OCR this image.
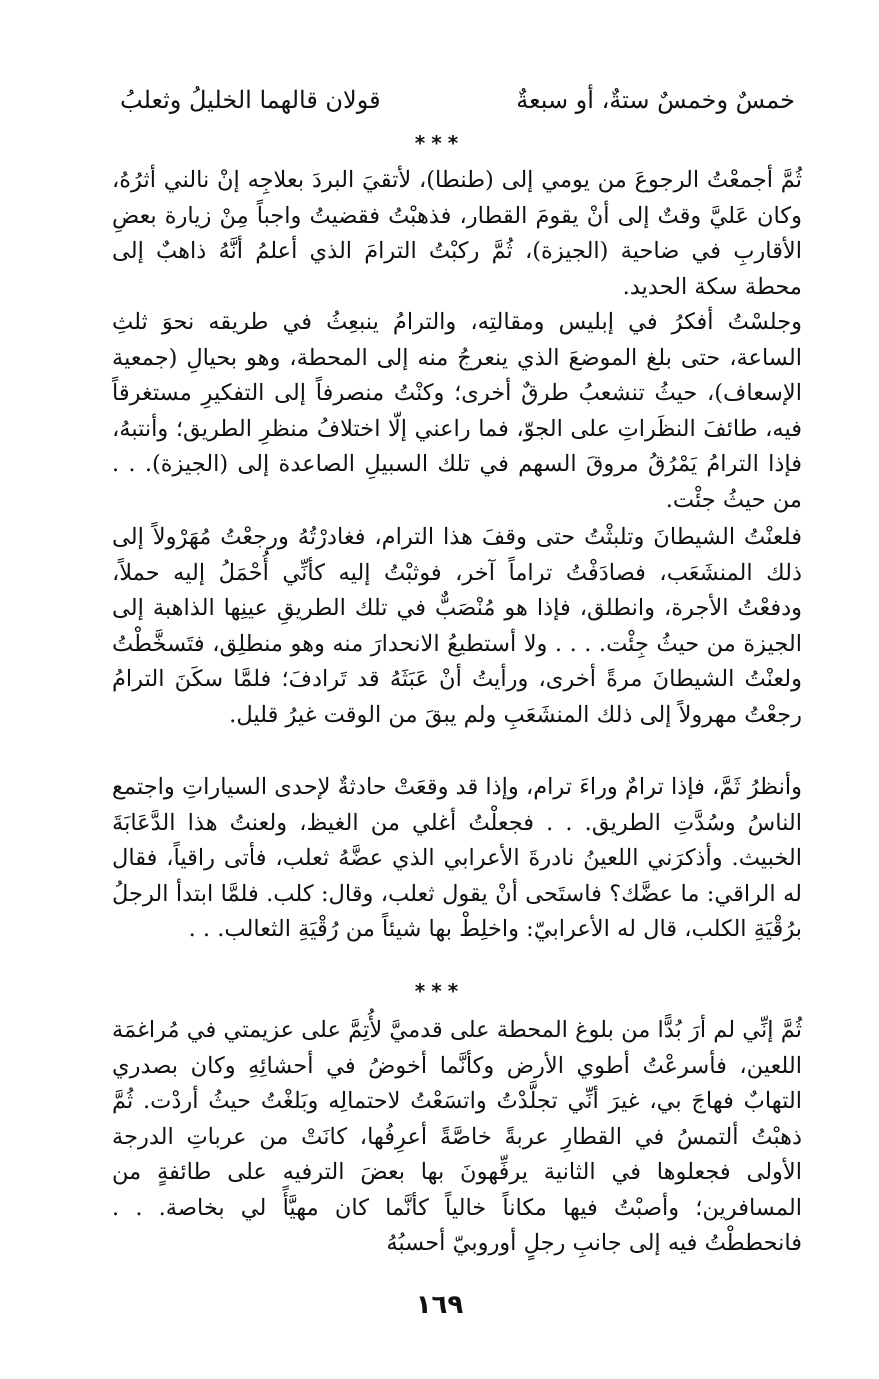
خمسٌ وخمسٌ ستةٌ، أو سبعةٌ
قولان قالهما الخليلُ وثعلبُ
***

ثُمَّ أجمعْتُ الرجوعَ من يومي إلى (طنطا)، لأتقيَ البردَ بعلاجِه إنْ نالني أثرُهُ، وكان عَليَّ وقتٌ إلى أنْ يقومَ القطار، فذهبْتُ فقضيتُ واجباً مِنْ زيارة بعضِ الأقاربِ في ضاحية (الجيزة)، ثُمَّ ركبْتُ الترامَ الذي أعلمُ أنَّهُ ذاهبٌ إلى محطة سكة الحديد.

وجلسْتُ أفكرُ في إبليس ومقالتِه، والترامُ ينبعِثُ في طريقه نحوَ ثلثِ الساعة، حتى بلغ الموضعَ الذي ينعرجُ منه إلى المحطة، وهو بحيالِ (جمعية الإسعاف)، حيثُ تنشعبُ طرقٌ أخرى؛ وكنْتُ منصرفاً إلى التفكيرِ مستغرقاً فيه، طائفَ النظَراتِ على الجوّ، فما راعني إلّا اختلافُ منظرِ الطريق؛ وأنتبهُ، فإذا الترامُ يَمْرُقُ مروقَ السهم في تلك السبيلِ الصاعدة إلى (الجيزة). . . من حيثُ جئْت.

فلعنْتُ الشيطانَ وتلبثْتُ حتى وقفَ هذا الترام، فغادرْتُهُ ورجعْتُ مُهَرْولاً إلى ذلك المنشَعَب، فصادَفْتُ تراماً آخر، فوثبْتُ إليه كأنِّي أُحْمَلُ إليه حملاً، ودفعْتُ الأجرة، وانطلق، فإذا هو مُنْصَبٌّ في تلك الطريقِ عينِها الذاهبة إلى الجيزة من حيثُ جِئْت. . . . ولا أستطيعُ الانحدارَ منه وهو منطلِق، فتَسخَّطْتُ ولعنْتُ الشيطانَ مرةً أخرى، ورأيتُ أنْ عَبَثَهُ قد تَرادفَ؛ فلمَّا سكَنَ الترامُ رجعْتُ مهرولاً إلى ذلك المنشَعَبِ ولم يبقَ من الوقت غيرُ قليل.

وأنظرُ ثَمَّ، فإذا ترامٌ وراءَ ترام، وإذا قد وقعَتْ حادثةٌ لإحدى السياراتِ واجتمع الناسُ وسُدَّتِ الطريق. . . فجعلْتُ أغلي من الغيظ، ولعنتُ هذا الدَّعَابَةَ الخبيث. وأذكرَني اللعينُ نادرةَ الأعرابي الذي عضَّهُ ثعلب، فأتى راقياً، فقال له الراقي: ما عضَّك؟ فاستَحى أنْ يقول ثعلب، وقال: كلب. فلمَّا ابتدأ الرجلُ برُقْيَةِ الكلب، قال له الأعرابيّ: واخلِطْ بها شيئاً من رُقْيَةِ الثعالب. . .

***

ثُمَّ إنِّي لم أرَ بُدًّا من بلوغ المحطة على قدميَّ لأُتِمَّ على عزيمتي في مُراغمَة اللعين، فأسرعْتُ أطوي الأرض وكأنَّما أخوضُ في أحشائِهِ وكان بصدري التهابٌ فهاجَ بي، غيرَ أنِّي تجلَّدْتُ واتسَعْتُ لاحتمالِه وبَلغْتُ حيثُ أردْت. ثُمَّ ذهبْتُ ألتمسُ في القطارِ عربةً خاصَّةً أعرِفُها، كانَتْ من عرباتِ الدرجة الأولى فجعلوها في الثانية يرفِّهونَ بها بعضَ الترفيه على طائفةٍ من المسافرين؛ وأصبْتُ فيها مكاناً خالياً كأنَّما كان مهيَّأً لي بخاصة. . . فانحططْتُ فيه إلى جانبِ رجلٍ أوروبيّ أحسبُهُ

١٦٩
